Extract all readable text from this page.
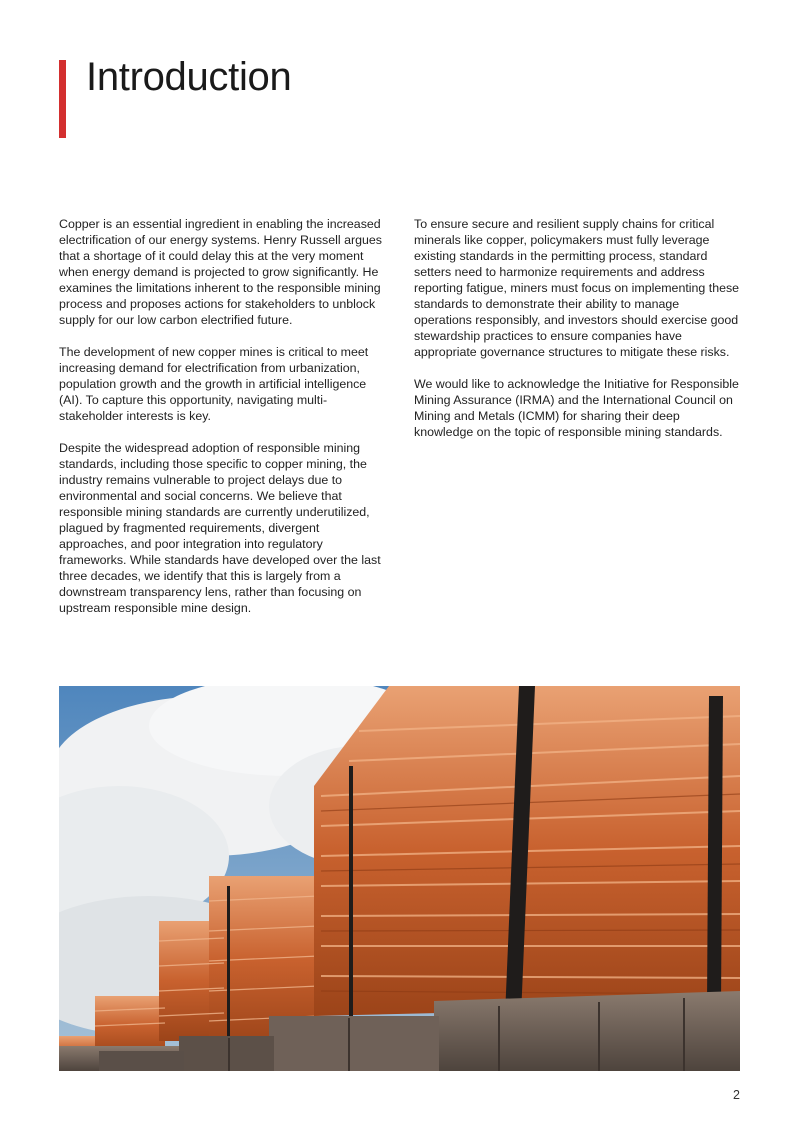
Introduction

Copper is an essential ingredient in enabling the increased electrification of our energy systems. Henry Russell argues that a shortage of it could delay this at the very moment when energy demand is projected to grow significantly. He examines the limitations inherent to the responsible mining process and proposes actions for stakeholders to unblock supply for our low carbon electrified future.

The development of new copper mines is critical to meet increasing demand for electrification from urbanization, population growth and the growth in artificial intelligence (AI). To capture this opportunity, navigating multi-stakeholder interests is key.

Despite the widespread adoption of responsible mining standards, including those specific to copper mining, the industry remains vulnerable to project delays due to environmental and social concerns. We believe that responsible mining standards are currently underutilized, plagued by fragmented requirements, divergent approaches, and poor integration into regulatory frameworks. While standards have developed over the last three decades, we identify that this is largely from a downstream transparency lens, rather than focusing on upstream responsible mine design.

To ensure secure and resilient supply chains for critical minerals like copper, policymakers must fully leverage existing standards in the permitting process, standard setters need to harmonize requirements and address reporting fatigue, miners must focus on implementing these standards to demonstrate their ability to manage operations responsibly, and investors should exercise good stewardship practices to ensure companies have appropriate governance structures to mitigate these risks.

We would like to acknowledge the Initiative for Responsible Mining Assurance (IRMA) and the International Council on Mining and Metals (ICMM) for sharing their deep knowledge on the topic of responsible mining standards.

2
